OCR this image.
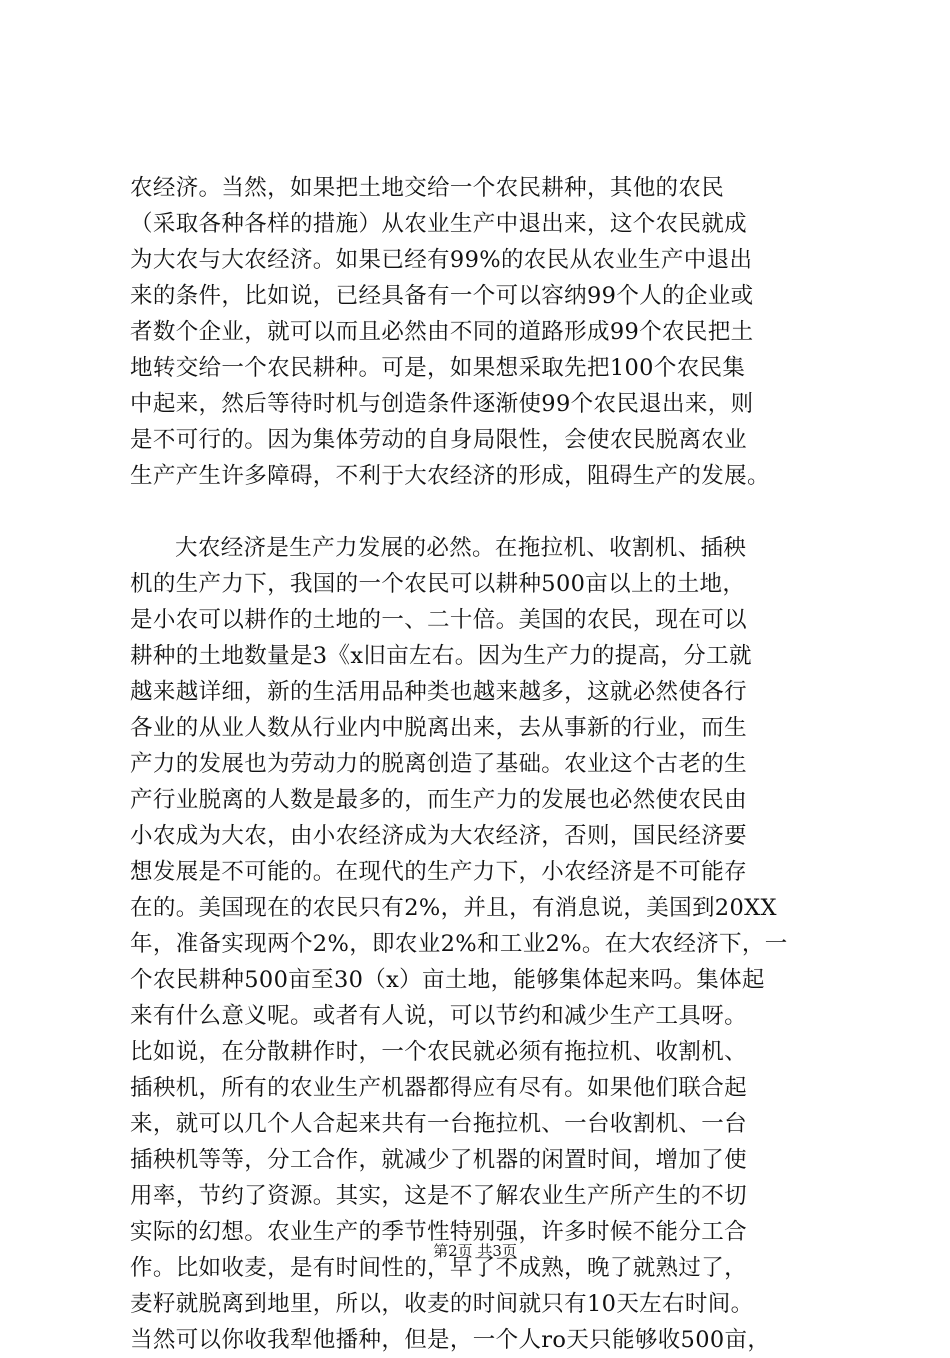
农经济。当然，如果把土地交给一个农民耕种，其他的农民
（采取各种各样的措施）从农业生产中退出来，这个农民就成
为大农与大农经济。如果已经有99%的农民从农业生产中退出
来的条件，比如说，已经具备有一个可以容纳99个人的企业或
者数个企业，就可以而且必然由不同的道路形成99个农民把土
地转交给一个农民耕种。可是，如果想采取先把100个农民集
中起来，然后等待时机与创造条件逐渐使99个农民退出来，则
是不可行的。因为集体劳动的自身局限性，会使农民脱离农业
生产产生许多障碍，不利于大农经济的形成，阻碍生产的发展。
大农经济是生产力发展的必然。在拖拉机、收割机、插秧
机的生产力下，我国的一个农民可以耕种500亩以上的土地，
是小农可以耕作的土地的一、二十倍。美国的农民，现在可以
耕种的土地数量是3《x旧亩左右。因为生产力的提高，分工就
越来越详细，新的生活用品种类也越来越多，这就必然使各行
各业的从业人数从行业内中脱离出来，去从事新的行业，而生
产力的发展也为劳动力的脱离创造了基础。农业这个古老的生
产行业脱离的人数是最多的，而生产力的发展也必然使农民由
小农成为大农，由小农经济成为大农经济，否则，国民经济要
想发展是不可能的。在现代的生产力下，小农经济是不可能存
在的。美国现在的农民只有2%，并且，有消息说，美国到20XX
年，准备实现两个2%，即农业2%和工业2%。在大农经济下，一
个农民耕种500亩至30（x）亩土地，能够集体起来吗。集体起
来有什么意义呢。或者有人说，可以节约和减少生产工具呀。
比如说，在分散耕作时，一个农民就必须有拖拉机、收割机、
插秧机，所有的农业生产机器都得应有尽有。如果他们联合起
来，就可以几个人合起来共有一台拖拉机、一台收割机、一台
插秧机等等，分工合作，就减少了机器的闲置时间，增加了使
用率，节约了资源。其实，这是不了解农业生产所产生的不切
实际的幻想。农业生产的季节性特别强，许多时候不能分工合
作。比如收麦，是有时间性的，早了不成熟，晚了就熟过了，
麦籽就脱离到地里，所以，收麦的时间就只有10天左右时间。
当然可以你收我犁他播种，但是，一个人ro天只能够收500亩，
第2页 共3页
